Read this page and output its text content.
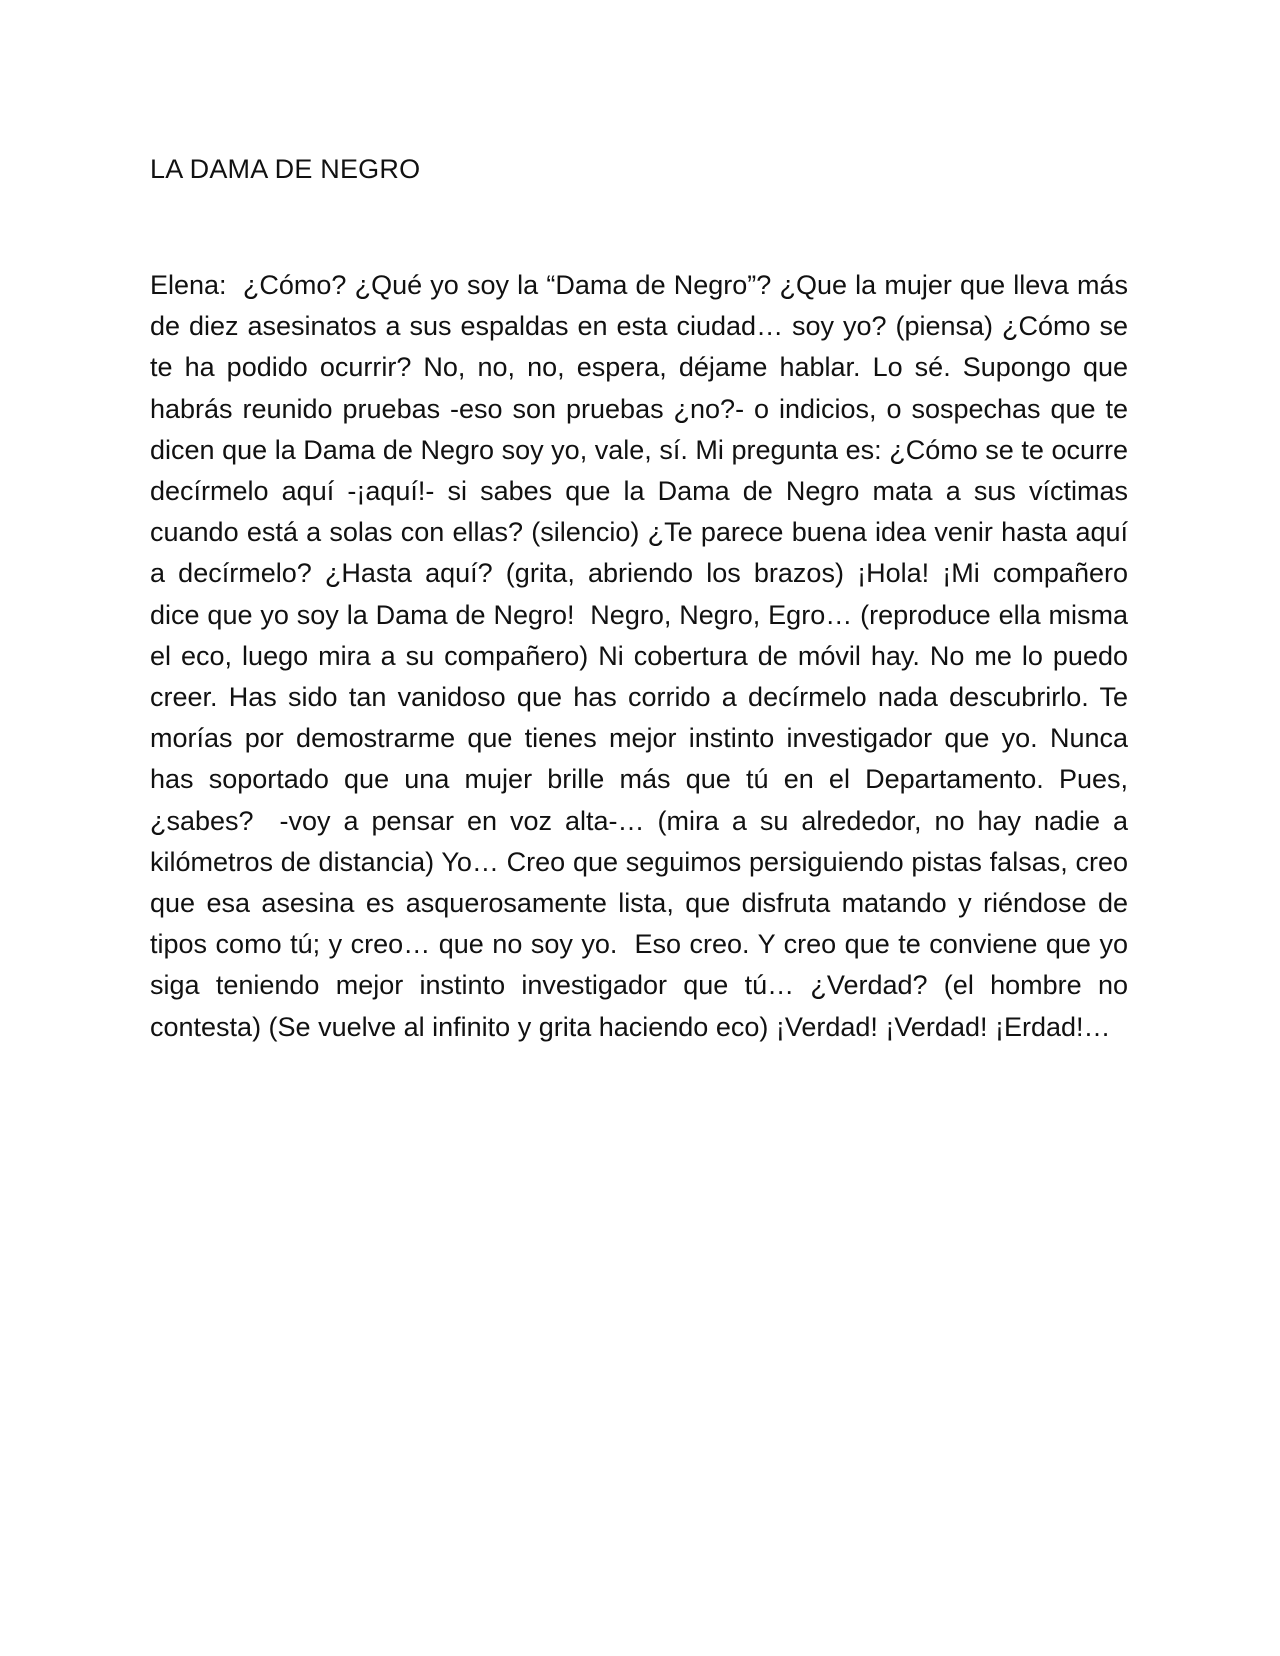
LA DAMA DE NEGRO

Elena:  ¿Cómo? ¿Qué yo soy la “Dama de Negro”? ¿Que la mujer que lleva más de diez asesinatos a sus espaldas en esta ciudad… soy yo? (piensa) ¿Cómo se te ha podido ocurrir? No, no, no, espera, déjame hablar. Lo sé. Supongo que habrás reunido pruebas -eso son pruebas ¿no?- o indicios, o sospechas que te dicen que la Dama de Negro soy yo, vale, sí. Mi pregunta es: ¿Cómo se te ocurre decírmelo aquí -¡aquí!- si sabes que la Dama de Negro mata a sus víctimas cuando está a solas con ellas? (silencio) ¿Te parece buena idea venir hasta aquí a decírmelo? ¿Hasta aquí? (grita, abriendo los brazos) ¡Hola! ¡Mi compañero dice que yo soy la Dama de Negro!  Negro, Negro, Egro… (reproduce ella misma el eco, luego mira a su compañero) Ni cobertura de móvil hay. No me lo puedo creer. Has sido tan vanidoso que has corrido a decírmelo nada descubrirlo. Te morías por demostrarme que tienes mejor instinto investigador que yo. Nunca has soportado que una mujer brille más que tú en el Departamento. Pues, ¿sabes?  -voy a pensar en voz alta-… (mira a su alrededor, no hay nadie a kilómetros de distancia) Yo… Creo que seguimos persiguiendo pistas falsas, creo que esa asesina es asquerosamente lista, que disfruta matando y riéndose de tipos como tú; y creo… que no soy yo.  Eso creo. Y creo que te conviene que yo siga teniendo mejor instinto investigador que tú… ¿Verdad? (el hombre no contesta) (Se vuelve al infinito y grita haciendo eco) ¡Verdad! ¡Verdad! ¡Erdad!…
